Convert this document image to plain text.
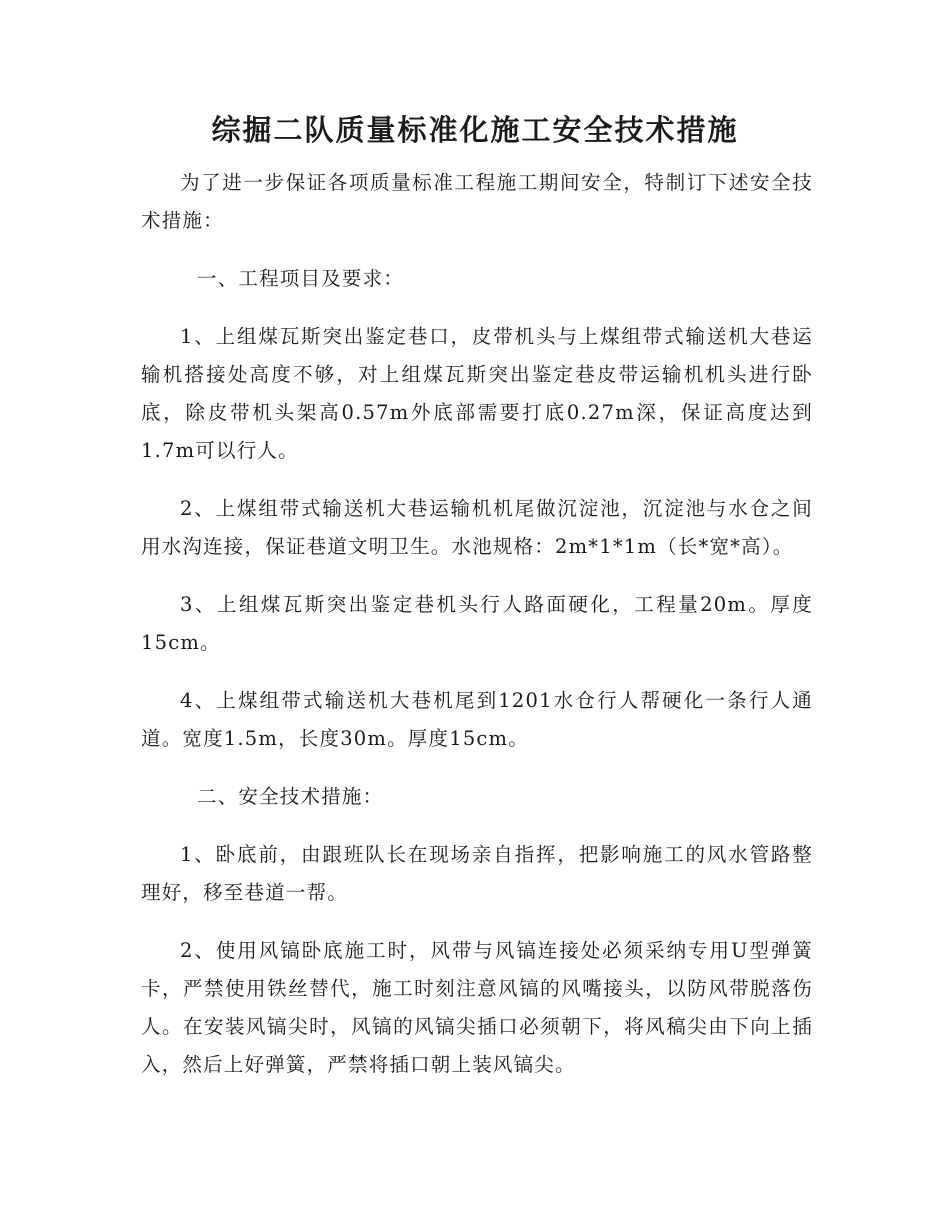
综掘二队质量标准化施工安全技术措施

为了进一步保证各项质量标准工程施工期间安全，特制订下述安全技术措施：

一、工程项目及要求：

1、上组煤瓦斯突出鉴定巷口，皮带机头与上煤组带式输送机大巷运输机搭接处高度不够，对上组煤瓦斯突出鉴定巷皮带运输机机头进行卧底，除皮带机头架高0.57m外底部需要打底0.27m深，保证高度达到1.7m可以行人。

2、上煤组带式输送机大巷运输机机尾做沉淀池，沉淀池与水仓之间用水沟连接，保证巷道文明卫生。水池规格：2m*1*1m（长*宽*高）。

3、上组煤瓦斯突出鉴定巷机头行人路面硬化，工程量20m。厚度15cm。

4、上煤组带式输送机大巷机尾到1201水仓行人帮硬化一条行人通道。宽度1.5m，长度30m。厚度15cm。

二、安全技术措施：

1、卧底前，由跟班队长在现场亲自指挥，把影响施工的风水管路整理好，移至巷道一帮。

2、使用风镐卧底施工时，风带与风镐连接处必须采纳专用U型弹簧卡，严禁使用铁丝替代，施工时刻注意风镐的风嘴接头，以防风带脱落伤人。在安装风镐尖时，风镐的风镐尖插口必须朝下，将风稿尖由下向上插入，然后上好弹簧，严禁将插口朝上装风镐尖。
